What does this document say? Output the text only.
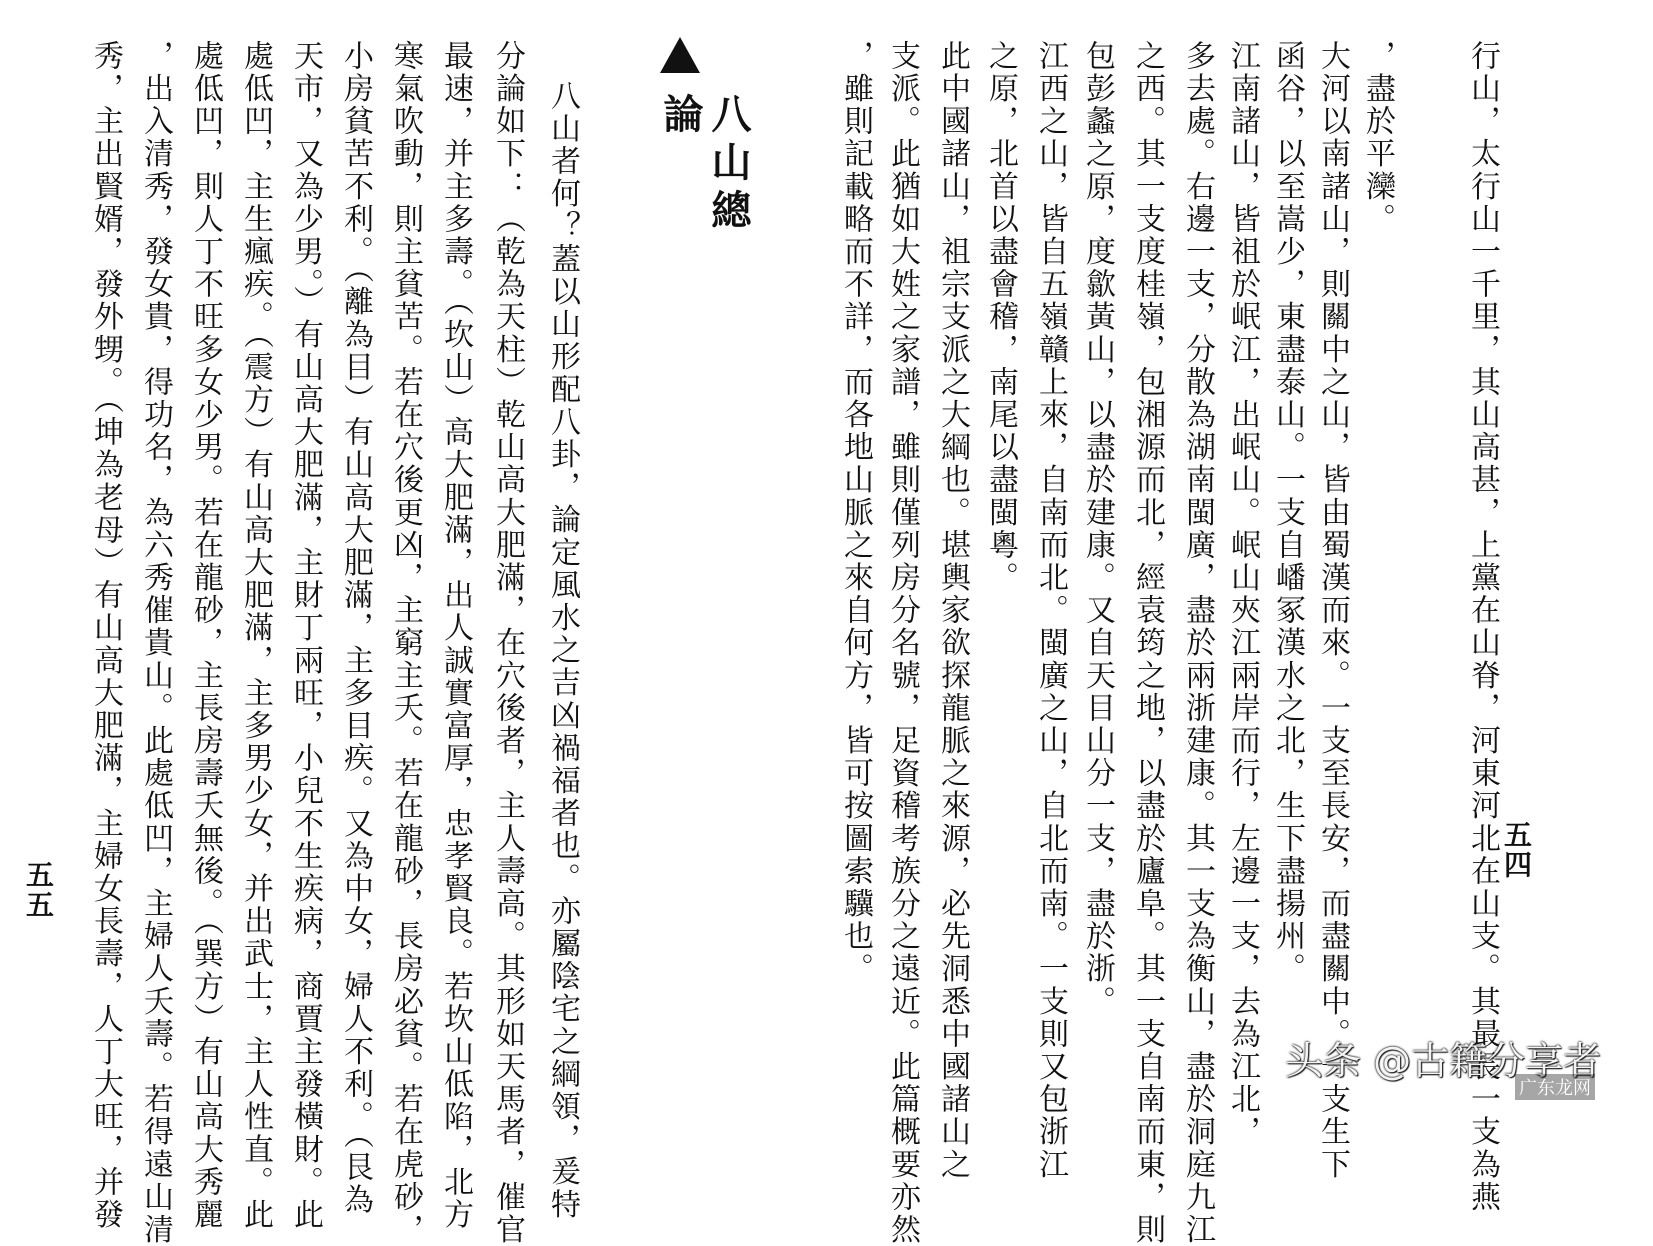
行山，太行山一千里，其山高甚，上黨在山脊，河東河北在山支。其最長一支為燕
，盡於平灤。
大河以南諸山，則關中之山，皆由蜀漢而來。一支至長安，而盡關中。一支生下
函谷，以至嵩少，東盡泰山。一支自嶓冢漢水之北，生下盡揚州。
江南諸山，皆祖於岷江，出岷山。岷山夾江兩岸而行，左邊一支，去為江北，
多去處。右邊一支，分散為湖南閩廣，盡於兩浙建康。其一支為衡山，盡於洞庭九江
之西。其一支度桂嶺，包湘源而北，經袁筠之地，以盡於廬阜。其一支自南而東，則
包彭蠡之原，度歙黃山，以盡於建康。又自天目山分一支，盡於浙。
江西之山，皆自五嶺贛上來，自南而北。閩廣之山，自北而南。一支則又包浙江
之原，北首以盡會稽，南尾以盡閩粵。
此中國諸山，祖宗支派之大綱也。堪輿家欲探龍脈之來源，必先洞悉中國諸山之
支派。此猶如大姓之家譜，雖則僅列房分名號，足資稽考族分之遠近。此篇概要亦然
，雖則記載略而不詳，而各地山脈之來自何方，皆可按圖索驥也。	五四
八山總論
八山者何？蓋以山形配八卦，論定風水之吉凶禍福者也。亦屬陰宅之綱領，爰特
分論如下：（乾為天柱）乾山高大肥滿，在穴後者，主人壽高。其形如天馬者，催官
最速，并主多壽。（坎山）高大肥滿，出人誠實富厚，忠孝賢良。若坎山低陷，北方
寒氣吹動，則主貧苦。若在穴後更凶，主窮主夭。若在龍砂，長房必貧。若在虎砂，
小房貧苦不利。（離為目）有山高大肥滿，主多目疾。又為中女，婦人不利。（艮為
天市，又為少男。）有山高大肥滿，主財丁兩旺，小兒不生疾病，商賈主發橫財。此
處低凹，主生瘋疾。（震方）有山高大肥滿，主多男少女，并出武士，主人性直。此
處低凹，則人丁不旺多女少男。若在龍砂，主長房壽夭無後。（巽方）有山高大秀麗
，出入清秀，發女貴，得功名，為六秀催貴山。此處低凹，主婦人夭壽。若得遠山清
秀，主出賢婿，發外甥。（坤為老母）有山高大肥滿，主婦女長壽，人丁大旺，并發
五五
头条 @古籍分享者
广东龙网
